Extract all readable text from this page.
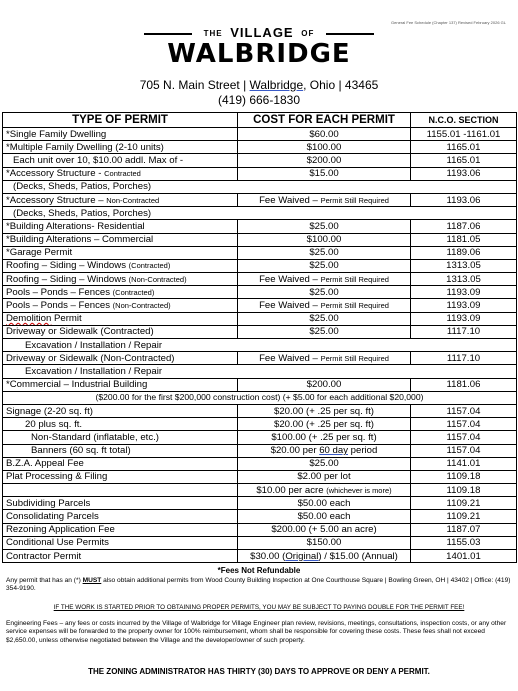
General Fee Schedule (Chapter 137) Revised February 2026 GL
THE VILLAGE OF
WALBRIDGE
705 N. Main Street | Walbridge, Ohio | 43465
(419) 666-1830
TYPE OF PERMIT	COST FOR EACH PERMIT	N.C.O. SECTION
*Single Family Dwelling	$60.00	1155.01 -1161.01
*Multiple Family Dwelling (2-10 units)	$100.00	1165.01
Each unit over 10, $10.00 addl. Max of -	$200.00	1165.01
*Accessory Structure - Contracted	$15.00	1193.06
(Decks, Sheds, Patios, Porches)		
*Accessory Structure – Non-Contracted	Fee Waived – Permit Still Required	1193.06
(Decks, Sheds, Patios, Porches)		
*Building Alterations- Residential	$25.00	1187.06
*Building Alterations – Commercial	$100.00	1181.05
*Garage Permit	$25.00	1189.06
Roofing – Siding – Windows (Contracted)	$25.00	1313.05
Roofing – Siding – Windows (Non-Contracted)	Fee Waived – Permit Still Required	1313.05
Pools – Ponds – Fences (Contracted)	$25.00	1193.09
Pools – Ponds – Fences (Non-Contracted)	Fee Waived – Permit Still Required	1193.09
Demolition Permit	$25.00	1193.09
Driveway or Sidewalk (Contracted)	$25.00	1117.10
Excavation / Installation / Repair		
Driveway or Sidewalk (Non-Contracted)	Fee Waived – Permit Still Required	1117.10
Excavation / Installation / Repair		
*Commercial – Industrial Building	$200.00	1181.06
($200.00 for the first $200,000 construction cost) (+ $5.00 for each additional $20,000)		
Signage (2-20 sq. ft)	$20.00 (+ .25 per sq. ft)	1157.04
20 plus sq. ft.	$20.00 (+ .25 per sq. ft)	1157.04
Non-Standard (inflatable, etc.)	$100.00 (+ .25 per sq. ft)	1157.04
Banners (60 sq. ft total)	$20.00 per 60 day period	1157.04
B.Z.A. Appeal Fee	$25.00	1141.01
Plat Processing & Filing	$2.00 per lot	1109.18
	$10.00 per acre (whichever is more)	1109.18
Subdividing Parcels	$50.00 each	1109.21
Consolidating Parcels	$50.00 each	1109.21
Rezoning Application Fee	$200.00 (+ 5.00 an acre)	1187.07
Conditional Use Permits	$150.00	1155.03
Contractor Permit	$30.00 (Original) / $15.00 (Annual)	1401.01
*Fees Not Refundable
Any permit that has an (*) MUST also obtain additional permits from Wood County Building Inspection at One Courthouse Square | Bowling Green, OH | 43402 | Office: (419) 354-9190.
IF THE WORK IS STARTED PRIOR TO OBTAINING PROPER PERMITS, YOU MAY BE SUBJECT TO PAYING DOUBLE FOR THE PERMIT FEE!
Engineering Fees – any fees or costs incurred by the Village of Walbridge for Village Engineer plan review, revisions, meetings, consultations, inspection costs, or any other service expenses will be forwarded to the property owner for 100% reimbursement, whom shall be responsible for covering these costs. These fees shall not exceed $2,650.00, unless otherwise negotiated between the Village and the developer/owner of such property.
THE ZONING ADMINISTRATOR HAS THIRTY (30) DAYS TO APPROVE OR DENY A PERMIT.
